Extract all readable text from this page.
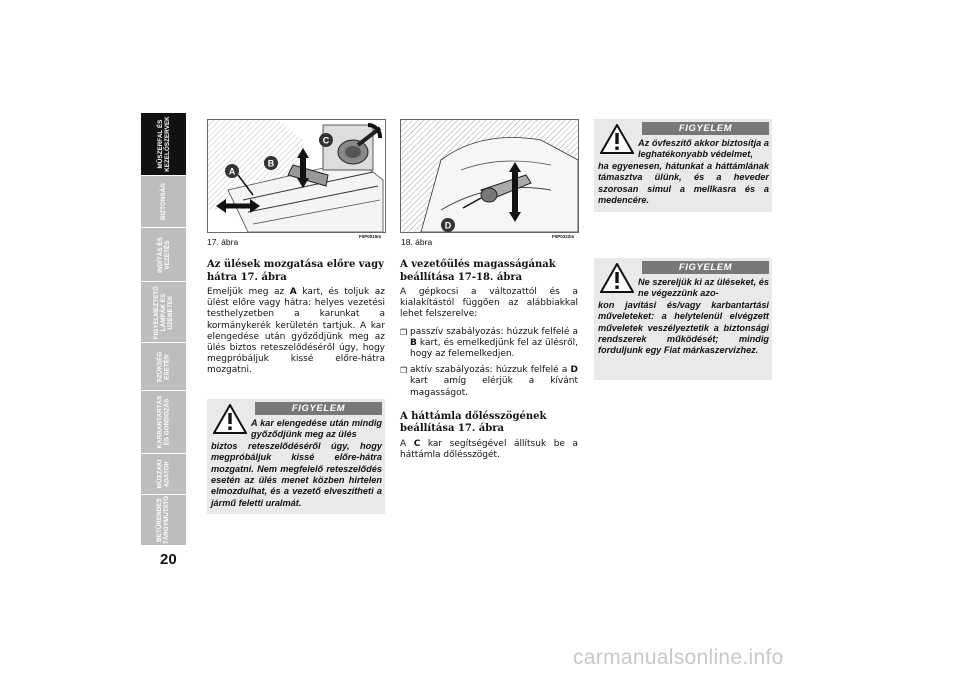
MŰSZERFAL ÉS
KEZELŐSZERVEK
BIZTONSÁG
INDÍTÁS ÉS
VEZETÉS
FIGYELMEZTETŐ
LÁMPÁK ÉS
ÜZENETEK
SZÜKSÉG
ESETÉN
KARBANTARTÁS
ÉS GONDOZÁS
MŰSZAKI
ADATOK
BETŰRENDES
TÁRGYMUTATÓ
20
A
B
C
17. ábra
F0P0015m
D
18. ábra
F0P0322m
Az ülések mozgatása előre vagy hátra 17. ábra
Emeljük meg az A kart, és toljuk az ülést előre vagy hátra: helyes vezetési testhelyzetben a karunkat a kormánykerék kerületén tartjuk. A kar elengedése után győződjünk meg az ülés biztos reteszelődéséről úgy, hogy megpróbáljuk kissé előre-hátra mozgatni.
FIGYELEM
A kar elengedése után mindig győződjünk meg az ülés
biztos reteszelődéséről úgy, hogy megpróbáljuk kissé előre-hátra mozgatni. Nem megfelelő reteszelődés esetén az ülés menet közben hirtelen elmozdulhat, és a vezető elveszítheti a jármű feletti uralmát.
A vezetőülés magasságának beállítása 17-18. ábra
A gépkocsi a változattól és a kialakítástól függően az alábbiakkal lehet felszerelve:
❒ passzív szabályozás: húzzuk felfelé a B kart, és emelkedjünk fel az ülésről, hogy az felemelkedjen.
❒ aktív szabályozás: húzzuk felfelé a D kart amíg elérjük a kívánt magasságot.
A háttámla dőlésszögének beállítása 17. ábra
A C kar segítségével állítsuk be a háttámla dőlésszögét.
FIGYELEM
Az övfeszítő akkor biztosítja a leghatékonyabb védelmet,
ha egyenesen, hátunkat a háttámlának támasztva ülünk, és a heveder szorosan simul a mellkasra és a medencére.
FIGYELEM
Ne szereljük ki az üléseket, és ne végezzünk azo-
kon javítási és/vagy karbantartási műveleteket: a helytelenül elvégzett műveletek veszélyeztetik a biztonsági rendszerek működését; mindig forduljunk egy Fiat márkaszervizhez.
carmanualsonline.info
